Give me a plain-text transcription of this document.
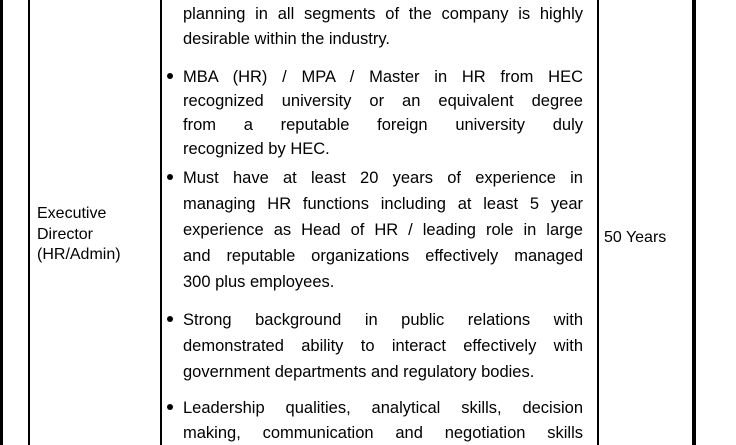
Executive
Director
(HR/Admin)
planning in all segments of the company is highly
desirable within the industry.
MBA (HR) / MPA / Master in HR from HEC
recognized university or an equivalent degree
from a reputable foreign university duly
recognized by HEC.
Must have at least 20 years of experience in
managing HR functions including at least 5 year
experience as Head of HR / leading role in large
and reputable organizations effectively managed
300 plus employees.
Strong background in public relations with
demonstrated ability to interact effectively with
government departments and regulatory bodies.
Leadership qualities, analytical skills, decision
making, communication and negotiation skills
50 Years
